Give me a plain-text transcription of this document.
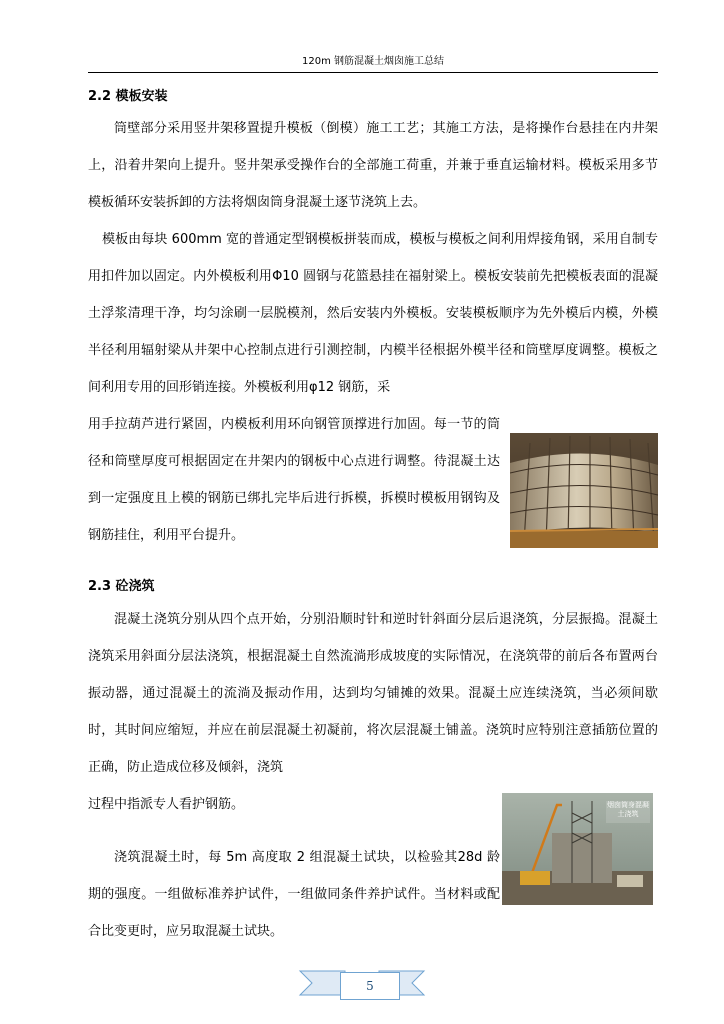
120m 钢筋混凝土烟囱施工总结
2.2 模板安装

筒壁部分采用竖井架移置提升模板（倒模）施工工艺；其施工方法，是将操作台悬挂在内井架上，沿着井架向上提升。竖井架承受操作台的全部施工荷重，并兼于垂直运输材料。模板采用多节模板循环安装拆卸的方法将烟囱筒身混凝土逐节浇筑上去。

模板由每块 600mm 宽的普通定型钢模板拼装而成，模板与模板之间利用焊接角钢，采用自制专用扣件加以固定。内外模板利用Φ10 圆钢与花篮悬挂在福射梁上。模板安装前先把模板表面的混凝土浮浆清理干净，均匀涂刷一层脱模剂，然后安装内外模板。安装模板顺序为先外模后内模，外模半径利用辐射梁从井架中心控制点进行引测控制，内模半径根据外模半径和筒壁厚度调整。模板之间利用专用的回形销连接。外模板利用φ12 钢筋，采

用手拉葫芦进行紧固，内模板利用环向钢管顶撑进行加固。每一节的筒径和筒壁厚度可根据固定在井架内的钢板中心点进行调整。待混凝土达到一定强度且上模的钢筋已绑扎完毕后进行拆模，拆模时模板用钢钩及钢筋挂住，利用平台提升。

2.3 砼浇筑

混凝土浇筑分别从四个点开始，分别沿顺时针和逆时针斜面分层后退浇筑，分层振捣。混凝土浇筑采用斜面分层法浇筑，根据混凝土自然流淌形成坡度的实际情况，在浇筑带的前后各布置两台振动器，通过混凝土的流淌及振动作用，达到均匀铺摊的效果。混凝土应连续浇筑，当必须间歇时，其时间应缩短，并应在前层混凝土初凝前，将次层混凝土铺盖。浇筑时应特别注意插筋位置的正确，防止造成位移及倾斜，浇筑

过程中指派专人看护钢筋。	烟囱筒身混凝土浇筑

浇筑混凝土时，每 5m 高度取 2 组混凝土试块，以检验其28d 龄期的强度。一组做标准养护试件，一组做同条件养护试件。当材料或配合比变更时，应另取混凝土试块。

5
